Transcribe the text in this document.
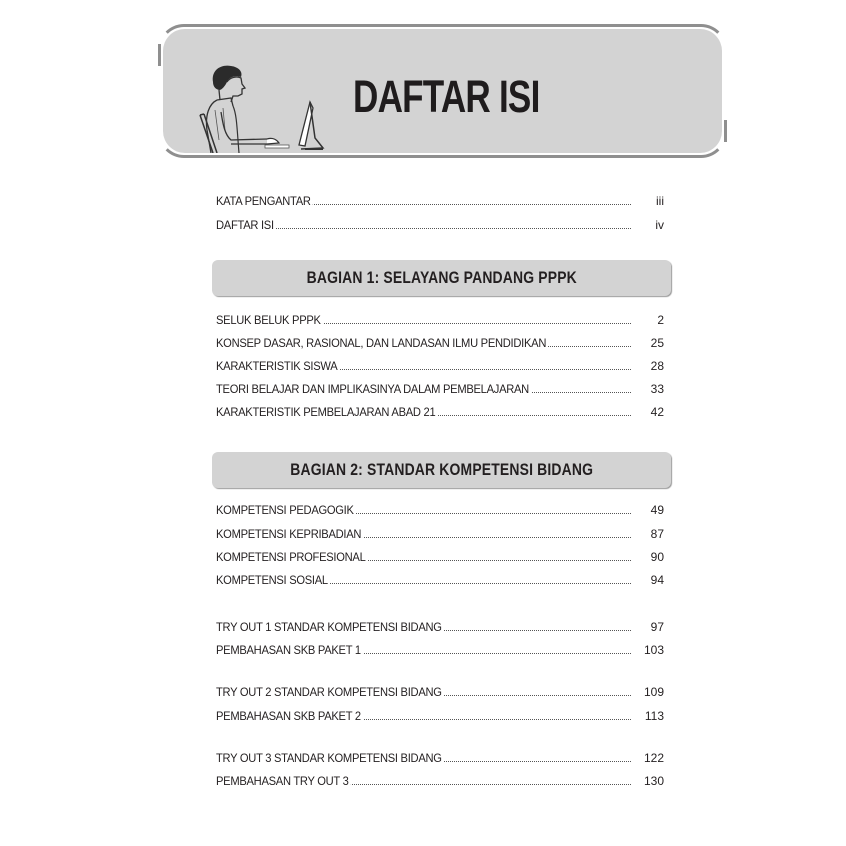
DAFTAR ISI
KATA PENGANTAR	iii
DAFTAR ISI	iv
BAGIAN 1: SELAYANG PANDANG PPPK
SELUK BELUK PPPK	2
KONSEP DASAR, RASIONAL, DAN LANDASAN ILMU PENDIDIKAN	25
KARAKTERISTIK SISWA	28
TEORI BELAJAR DAN IMPLIKASINYA DALAM PEMBELAJARAN	33
KARAKTERISTIK PEMBELAJARAN ABAD 21	42
BAGIAN 2: STANDAR KOMPETENSI BIDANG
KOMPETENSI PEDAGOGIK	49
KOMPETENSI KEPRIBADIAN	87
KOMPETENSI PROFESIONAL	90
KOMPETENSI SOSIAL	94
TRY OUT 1 STANDAR KOMPETENSI BIDANG	97
PEMBAHASAN SKB PAKET 1	103
TRY OUT 2 STANDAR KOMPETENSI BIDANG	109
PEMBAHASAN SKB PAKET 2	113
TRY OUT 3 STANDAR KOMPETENSI BIDANG	122
PEMBAHASAN TRY OUT 3	130
